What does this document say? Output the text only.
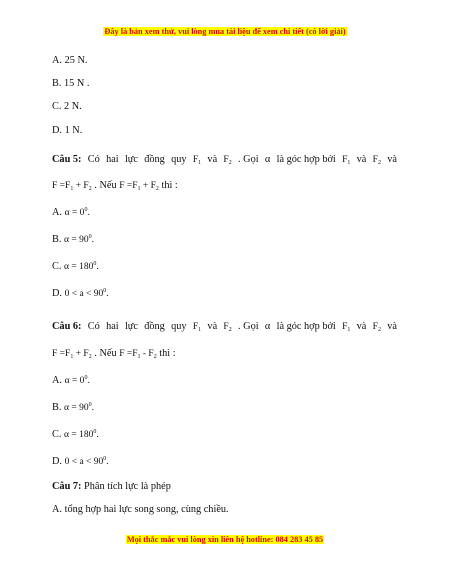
Đây là bản xem thử, vui lòng mua tài liệu để xem chi tiết (có lời giải)
A. 25 N.
B. 15 N .
C. 2 N.
D. 1 N.
Câu 5: Có hai lực đồng quy $F_1$ và $F_2$ . Gọi α là góc hợp bởi $F_1$ và $F_2$ và
$F =F_1 + F_2$ . Nếu $F =F_1 + F_2$ thì :
A. $\alpha = 0^0$.
B. $\alpha = 90^0$.
C. $\alpha = 180^0$.
D. $0 < a < 90^0$.
Câu 6: Có hai lực đồng quy $F_1$ và $F_2$ . Gọi α là góc hợp bởi $F_1$ và $F_2$ và
$F =F_1 + F_2$ . Nếu $F =F_1 - F_2$ thì :
A. $\alpha = 0^0$.
B. $\alpha = 90^0$.
C. $\alpha = 180^0$.
D. $0 < a < 90^0$.
Câu 7: Phân tích lực là phép
A. tổng hợp hai lực song song, cùng chiều.
Mọi thắc mắc vui lòng xin liên hệ hotline: 084 283 45 85
